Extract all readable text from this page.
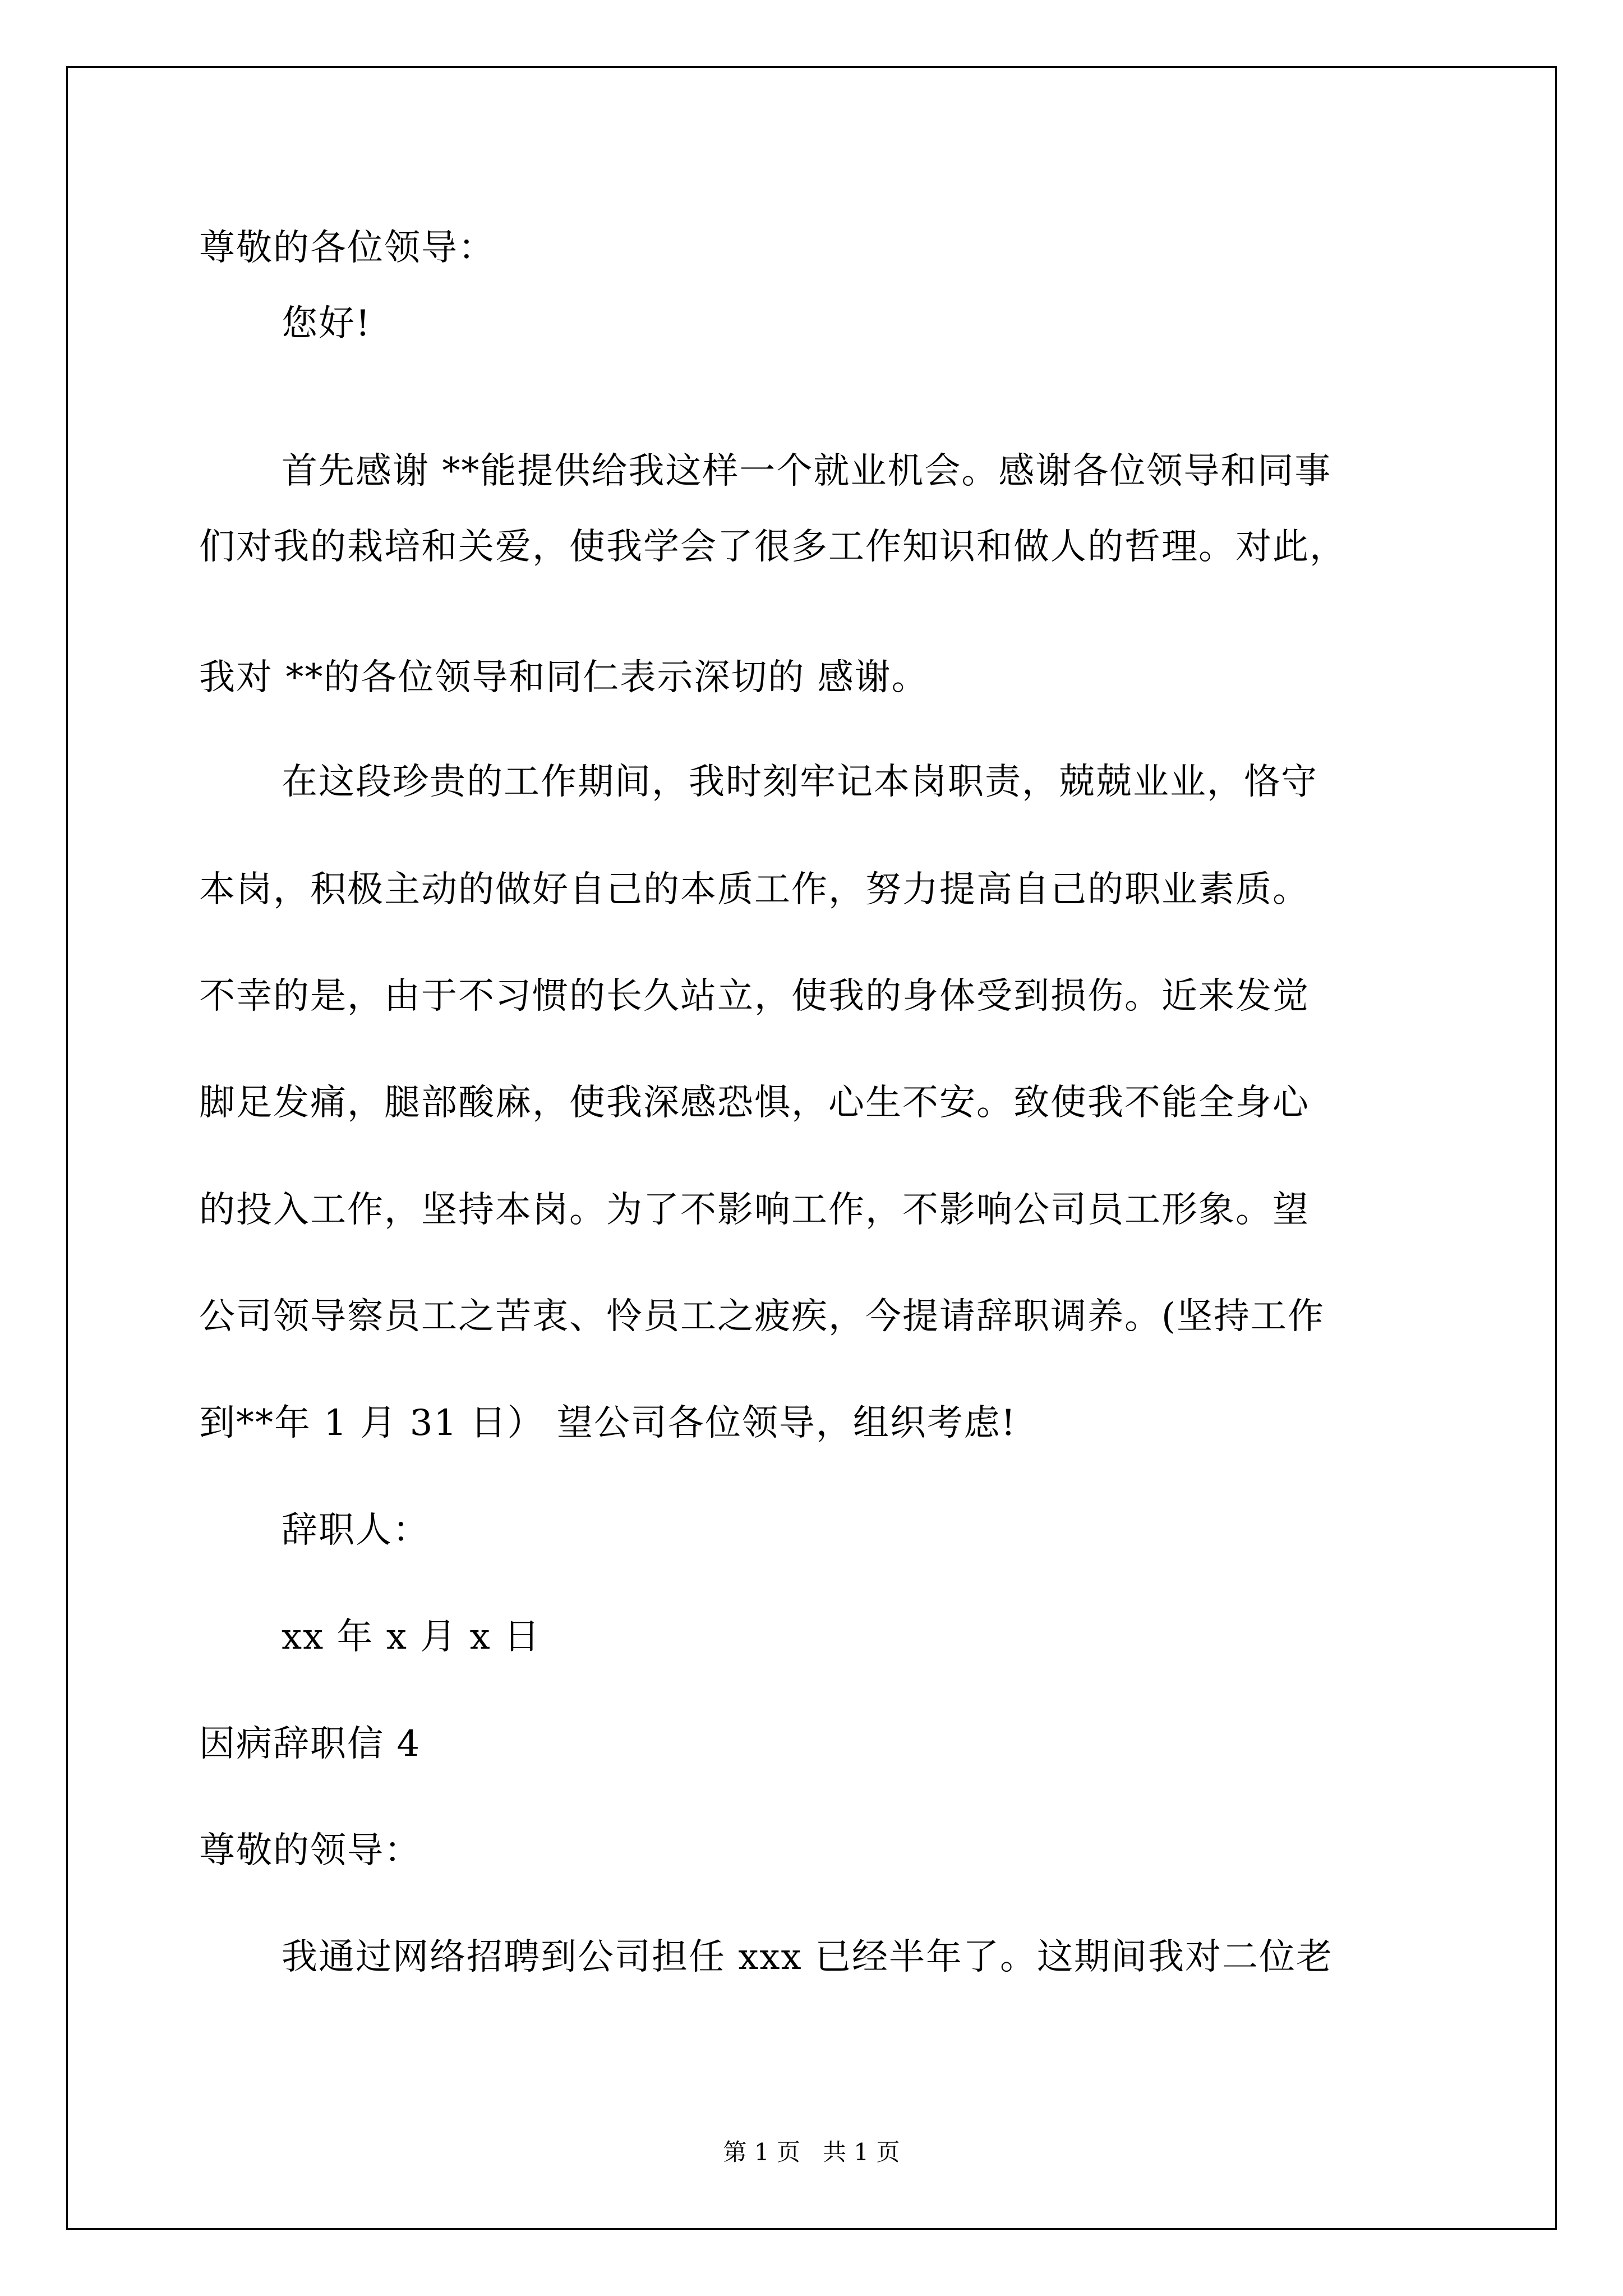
尊敬的各位领导：
您好!
首先感谢 **能提供给我这样一个就业机会。感谢各位领导和同事
们对我的栽培和关爱，使我学会了很多工作知识和做人的哲理。对此，
我对 **的各位领导和同仁表示深切的 感谢。
在这段珍贵的工作期间，我时刻牢记本岗职责，兢兢业业，恪守
本岗，积极主动的做好自己的本质工作，努力提高自己的职业素质。
不幸的是，由于不习惯的长久站立，使我的身体受到损伤。近来发觉
脚足发痛，腿部酸麻，使我深感恐惧，心生不安。致使我不能全身心
的投入工作，坚持本岗。为了不影响工作，不影响公司员工形象。望
公司领导察员工之苦衷、怜员工之疲疾，今提请辞职调养。(坚持工作
到**年 1 月 31 日） 望公司各位领导，组织考虑!
辞职人：
xx 年 x 月 x 日
因病辞职信 4
尊敬的领导：
我通过网络招聘到公司担任 xxx 已经半年了。这期间我对二位老
第 1 页   共 1 页
